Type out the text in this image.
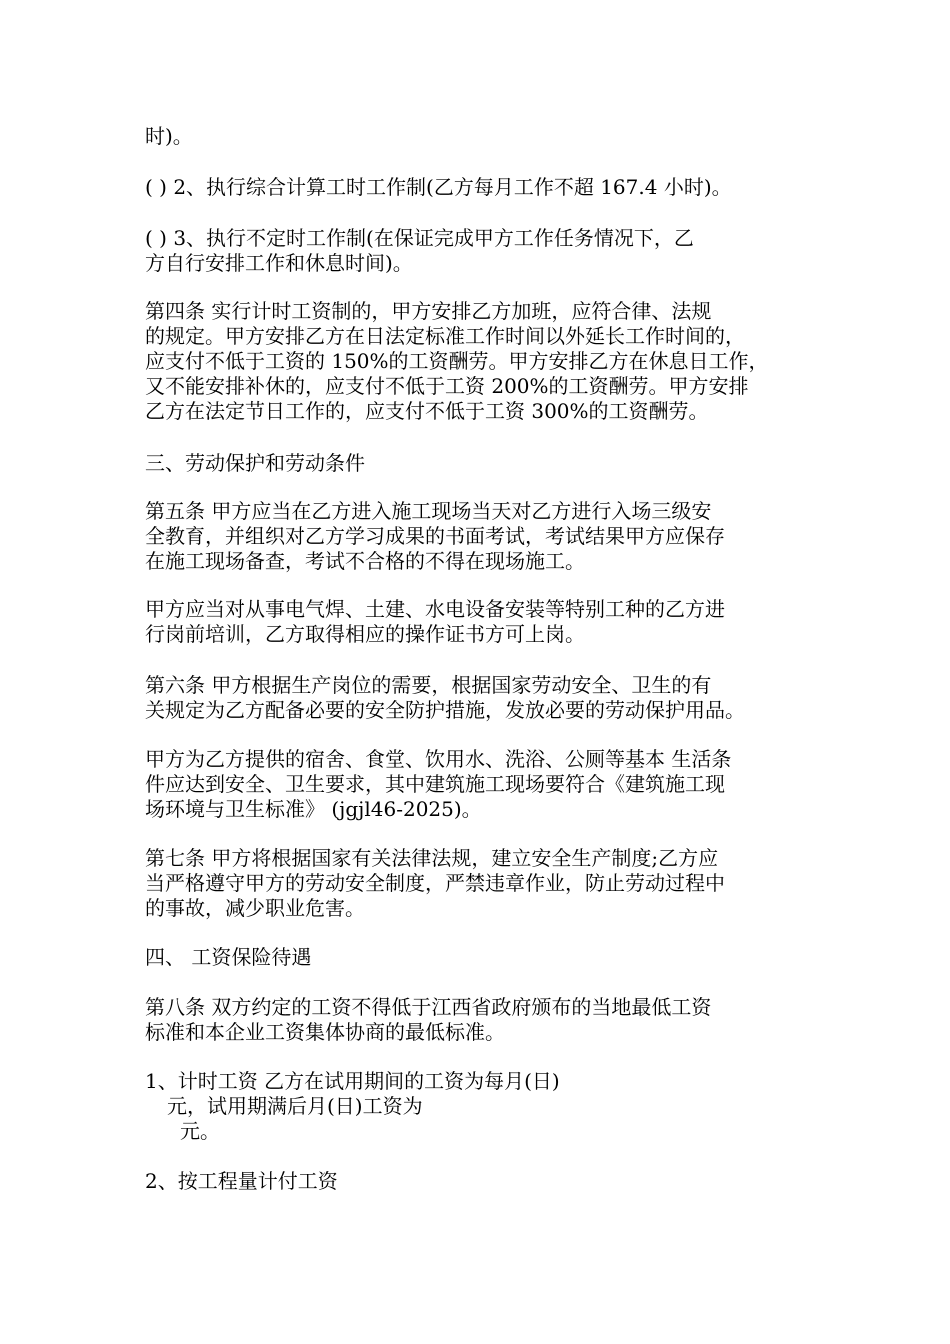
时)。

( ) 2、执行综合计算工时工作制(乙方每月工作不超 167.4 小时)。

( ) 3、执行不定时工作制(在保证完成甲方工作任务情况下，乙
方自行安排工作和休息时间)。

第四条 实行计时工资制的，甲方安排乙方加班，应符合律、法规
的规定。甲方安排乙方在日法定标准工作时间以外延长工作时间的，
应支付不低于工资的 150%的工资酬劳。甲方安排乙方在休息日工作，
又不能安排补休的，应支付不低于工资 200%的工资酬劳。甲方安排
乙方在法定节日工作的，应支付不低于工资 300%的工资酬劳。

三、劳动保护和劳动条件

第五条 甲方应当在乙方进入施工现场当天对乙方进行入场三级安
全教育，并组织对乙方学习成果的书面考试，考试结果甲方应保存
在施工现场备查，考试不合格的不得在现场施工。

甲方应当对从事电气焊、土建、水电设备安装等特别工种的乙方进
行岗前培训，乙方取得相应的操作证书方可上岗。

第六条 甲方根据生产岗位的需要，根据国家劳动安全、卫生的有
关规定为乙方配备必要的安全防护措施，发放必要的劳动保护用品。

甲方为乙方提供的宿舍、食堂、饮用水、洗浴、公厕等基本 生活条
件应达到安全、卫生要求，其中建筑施工现场要符合《建筑施工现
场环境与卫生标准》 (jgjl46-2025)。

第七条 甲方将根据国家有关法律法规，建立安全生产制度;乙方应
当严格遵守甲方的劳动安全制度，严禁违章作业，防止劳动过程中
的事故，减少职业危害。

四、 工资保险待遇

第八条 双方约定的工资不得低于江西省政府颁布的当地最低工资
标准和本企业工资集体协商的最低标准。

1、计时工资 乙方在试用期间的工资为每月(日)
元，试用期满后月(日)工资为
元。

2、按工程量计付工资
